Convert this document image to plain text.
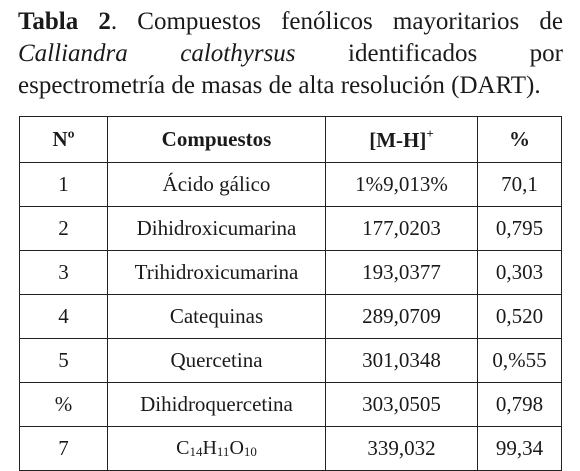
Tabla 2. Compuestos fenólicos mayoritarios de Calliandra calothyrsus identificados por espectrometría de masas de alta resolución (DART).
Nº	Compuestos	[M-H]+	%
1	Ácido gálico	1%9,013%	70,1
2	Dihidroxicumarina	177,0203	0,795
3	Trihidroxicumarina	193,0377	0,303
4	Catequinas	289,0709	0,520
5	Quercetina	301,0348	0,%55
%	Dihidroquercetina	303,0505	0,798
7	$C_{14}H_{11}O_{10}$	339,032	99,34
